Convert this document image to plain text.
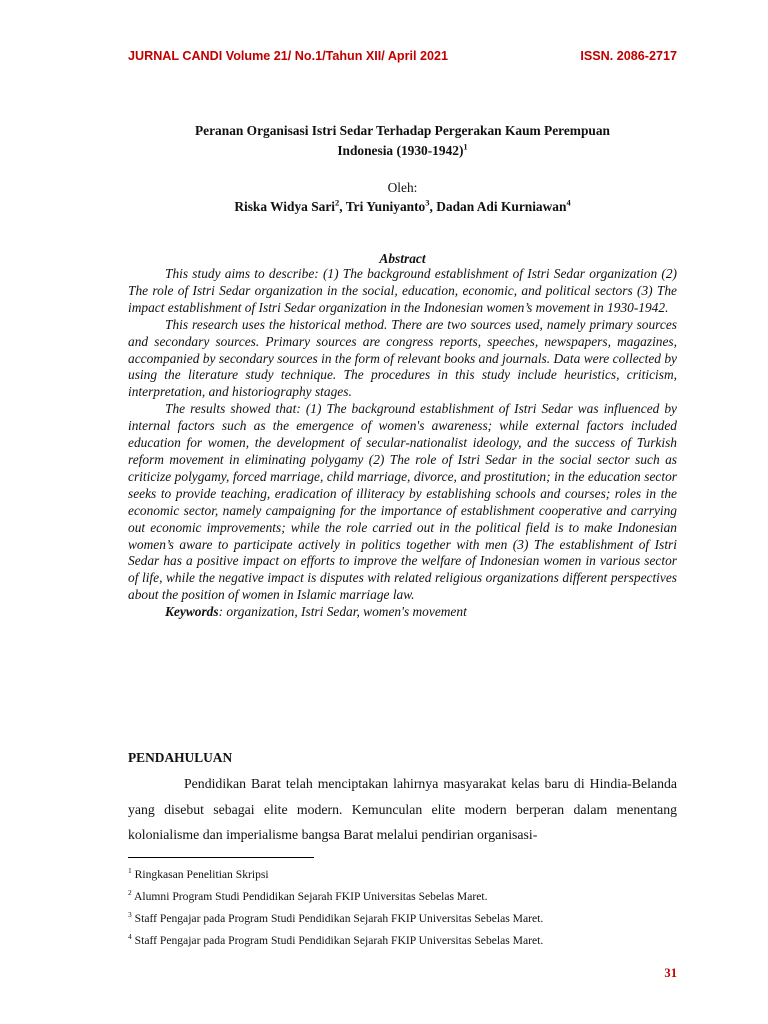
JURNAL CANDI Volume 21/ No.1/Tahun XII/ April 2021	ISSN. 2086-2717
Peranan Organisasi Istri Sedar Terhadap Pergerakan Kaum Perempuan
Indonesia (1930-1942)$^1$
Oleh:
Riska Widya Sari$^2$, Tri Yuniyanto$^3$, Dadan Adi Kurniawan$^4$
Abstract

This study aims to describe: (1) The background establishment of Istri Sedar organization (2) The role of Istri Sedar organization in the social, education, economic, and political sectors (3) The impact establishment of Istri Sedar organization in the Indonesian women’s movement in 1930-1942.

This research uses the historical method. There are two sources used, namely primary sources and secondary sources. Primary sources are congress reports, speeches, newspapers, magazines, accompanied by secondary sources in the form of relevant books and journals. Data were collected by using the literature study technique. The procedures in this study include heuristics, criticism, interpretation, and historiography stages.

The results showed that: (1) The background establishment of Istri Sedar was influenced by internal factors such as the emergence of women's awareness; while external factors included education for women, the development of secular-nationalist ideology, and the success of Turkish reform movement in eliminating polygamy (2) The role of Istri Sedar in the social sector such as criticize polygamy, forced marriage, child marriage, divorce, and prostitution; in the education sector seeks to provide teaching, eradication of illiteracy by establishing schools and courses; roles in the economic sector, namely campaigning for the importance of establishment cooperative and carrying out economic improvements; while the role carried out in the political field is to make Indonesian women’s aware to participate actively in politics together with men (3) The establishment of Istri Sedar has a positive impact on efforts to improve the welfare of Indonesian women in various sector of life, while the negative impact is disputes with related religious organizations different perspectives about the position of women in Islamic marriage law.

Keywords: organization, Istri Sedar, women's movement

PENDAHULUAN

Pendidikan Barat telah menciptakan lahirnya masyarakat kelas baru di Hindia-Belanda yang disebut sebagai elite modern. Kemunculan elite modern berperan dalam menentang kolonialisme dan imperialisme bangsa Barat melalui pendirian organisasi-

$^1$ Ringkasan Penelitian Skripsi
$^2$ Alumni Program Studi Pendidikan Sejarah FKIP Universitas Sebelas Maret.
$^3$ Staff Pengajar pada Program Studi Pendidikan Sejarah FKIP Universitas Sebelas Maret.
$^4$ Staff Pengajar pada Program Studi Pendidikan Sejarah FKIP Universitas Sebelas Maret.
31
